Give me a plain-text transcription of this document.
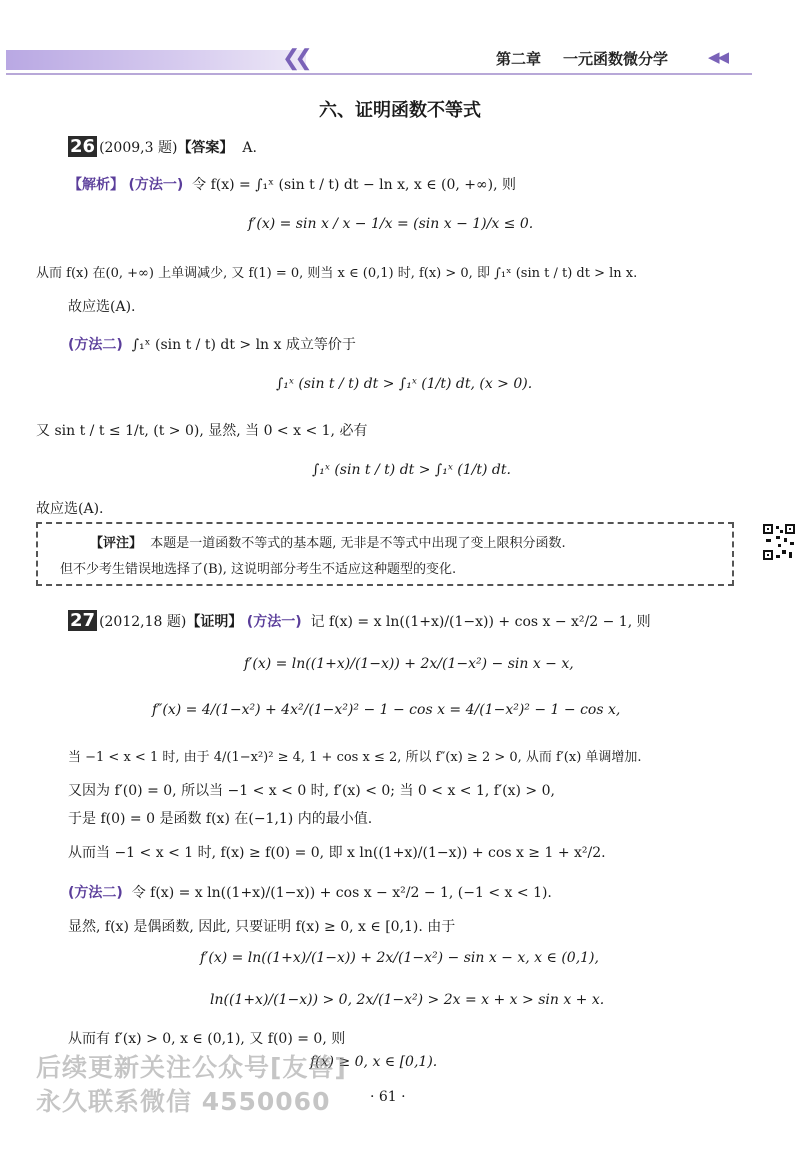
❮❮	第二章 一元函数微分学	◀◀
六、证明函数不等式
26 (2009,3 题)【答案】 A.
【解析】 (方法一) 令 f(x) = ∫₁ˣ (sin t / t) dt − ln x, x ∈ (0, +∞), 则
f′(x) = sin x / x − 1/x = (sin x − 1)/x ≤ 0.
从而 f(x) 在(0, +∞) 上单调减少, 又 f(1) = 0, 则当 x ∈ (0,1) 时, f(x) > 0, 即 ∫₁ˣ (sin t / t) dt > ln x.
故应选(A).
(方法二) ∫₁ˣ (sin t / t) dt > ln x 成立等价于
∫₁ˣ (sin t / t) dt > ∫₁ˣ (1/t) dt, (x > 0).
又 sin t / t ≤ 1/t, (t > 0), 显然, 当 0 < x < 1, 必有
∫₁ˣ (sin t / t) dt > ∫₁ˣ (1/t) dt.
故应选(A).
【评注】 本题是一道函数不等式的基本题, 无非是不等式中出现了变上限积分函数.
但不少考生错误地选择了(B), 这说明部分考生不适应这种题型的变化.
27 (2012,18 题)【证明】 (方法一) 记 f(x) = x ln((1+x)/(1−x)) + cos x − x²/2 − 1, 则
f′(x) = ln((1+x)/(1−x)) + 2x/(1−x²) − sin x − x,
f″(x) = 4/(1−x²) + 4x²/(1−x²)² − 1 − cos x = 4/(1−x²)² − 1 − cos x,
当 −1 < x < 1 时, 由于 4/(1−x²)² ≥ 4, 1 + cos x ≤ 2, 所以 f″(x) ≥ 2 > 0, 从而 f′(x) 单调增加.
又因为 f′(0) = 0, 所以当 −1 < x < 0 时, f′(x) < 0; 当 0 < x < 1, f′(x) > 0,
于是 f(0) = 0 是函数 f(x) 在(−1,1) 内的最小值.
从而当 −1 < x < 1 时, f(x) ≥ f(0) = 0, 即 x ln((1+x)/(1−x)) + cos x ≥ 1 + x²/2.
(方法二) 令 f(x) = x ln((1+x)/(1−x)) + cos x − x²/2 − 1, (−1 < x < 1).
显然, f(x) 是偶函数, 因此, 只要证明 f(x) ≥ 0, x ∈ [0,1). 由于
f′(x) = ln((1+x)/(1−x)) + 2x/(1−x²) − sin x − x, x ∈ (0,1),
ln((1+x)/(1−x)) > 0, 2x/(1−x²) > 2x = x + x > sin x + x.
从而有 f′(x) > 0, x ∈ (0,1), 又 f(0) = 0, 则
f(x) ≥ 0, x ∈ [0,1).
后续更新关注公众号[友善]
永久联系微信 4550060	· 61 ·
